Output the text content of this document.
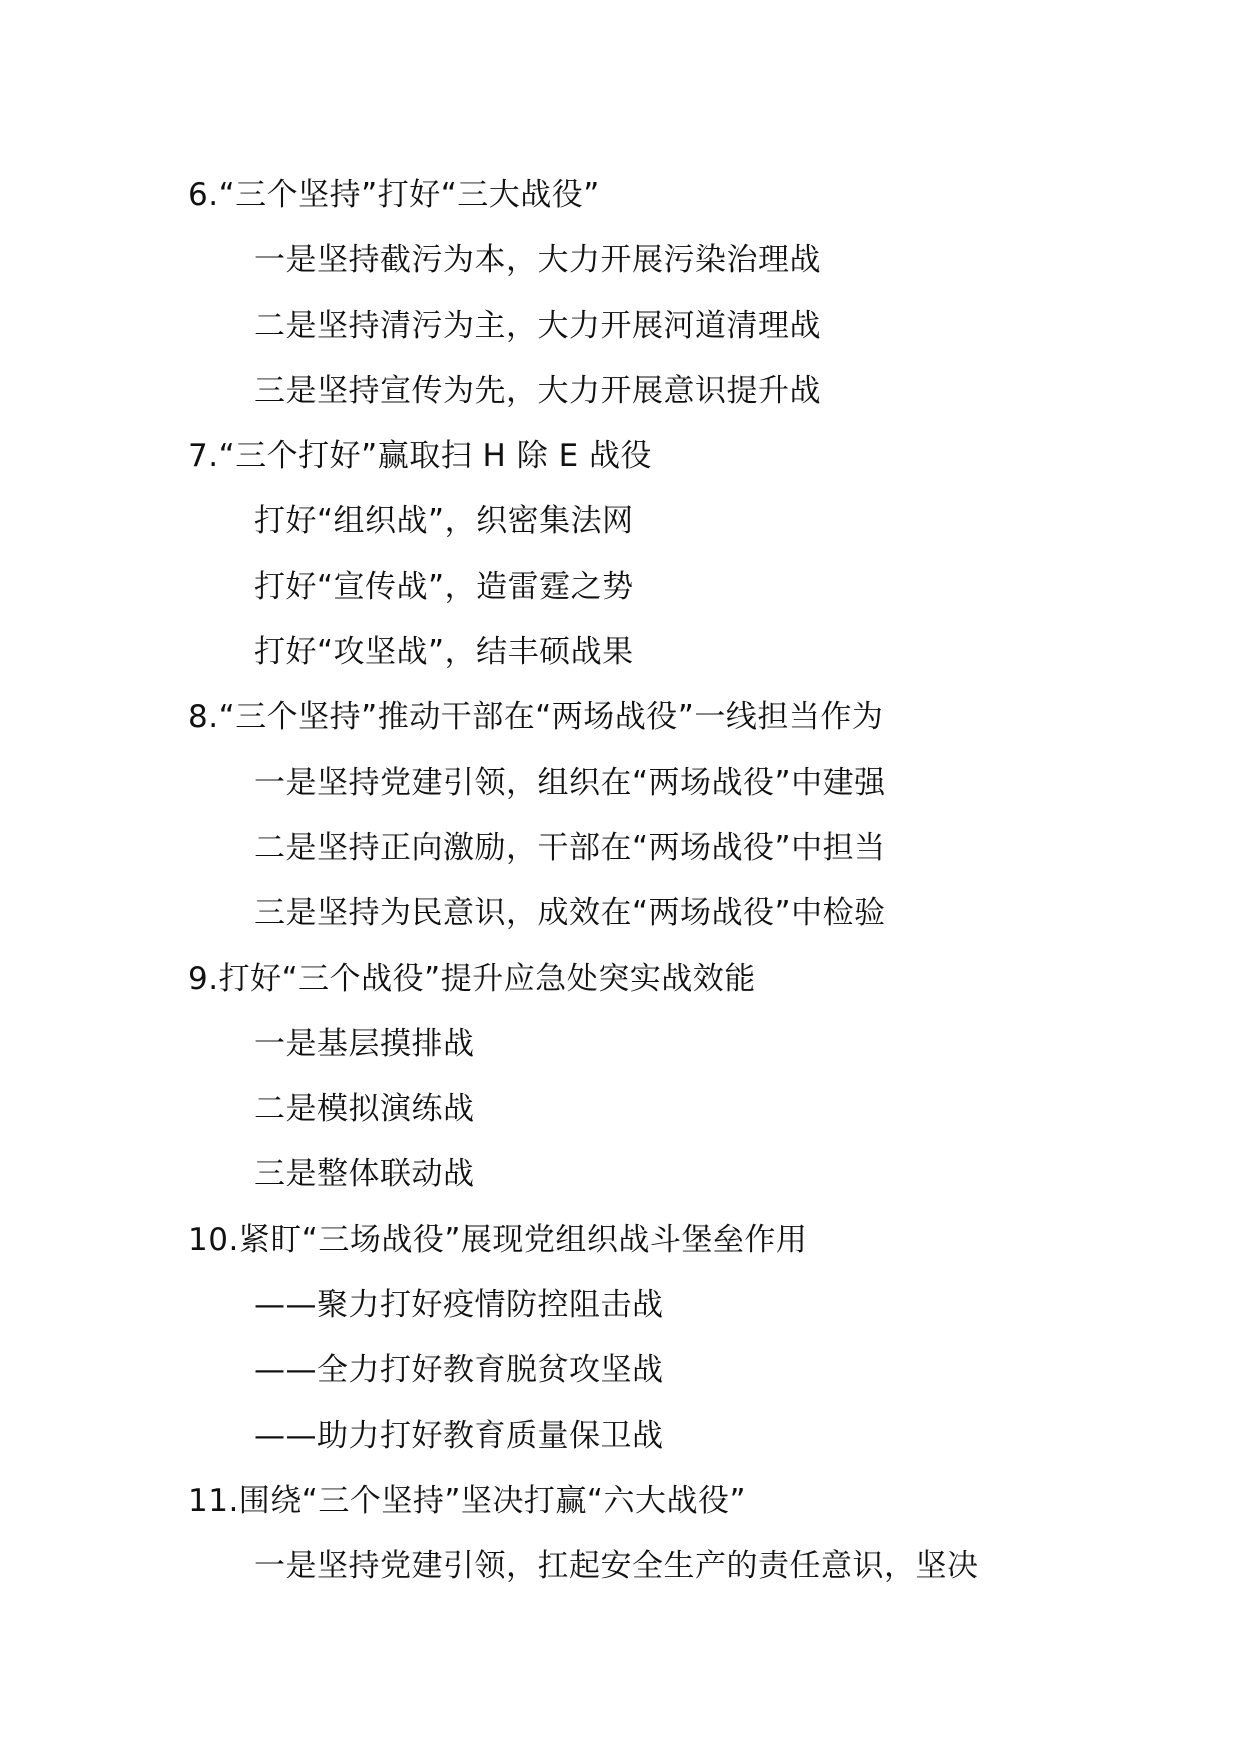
6.“三个坚持”打好“三大战役”
一是坚持截污为本，大力开展污染治理战
二是坚持清污为主，大力开展河道清理战
三是坚持宣传为先，大力开展意识提升战
7.“三个打好”赢取扫 H 除 E 战役
打好“组织战”，织密集法网
打好“宣传战”，造雷霆之势
打好“攻坚战”，结丰硕战果
8.“三个坚持”推动干部在“两场战役”一线担当作为
一是坚持党建引领，组织在“两场战役”中建强
二是坚持正向激励，干部在“两场战役”中担当
三是坚持为民意识，成效在“两场战役”中检验
9.打好“三个战役”提升应急处突实战效能
一是基层摸排战
二是模拟演练战
三是整体联动战
10.紧盯“三场战役”展现党组织战斗堡垒作用
——聚力打好疫情防控阻击战
——全力打好教育脱贫攻坚战
——助力打好教育质量保卫战
11.围绕“三个坚持”坚决打赢“六大战役”
一是坚持党建引领，扛起安全生产的责任意识，坚决
